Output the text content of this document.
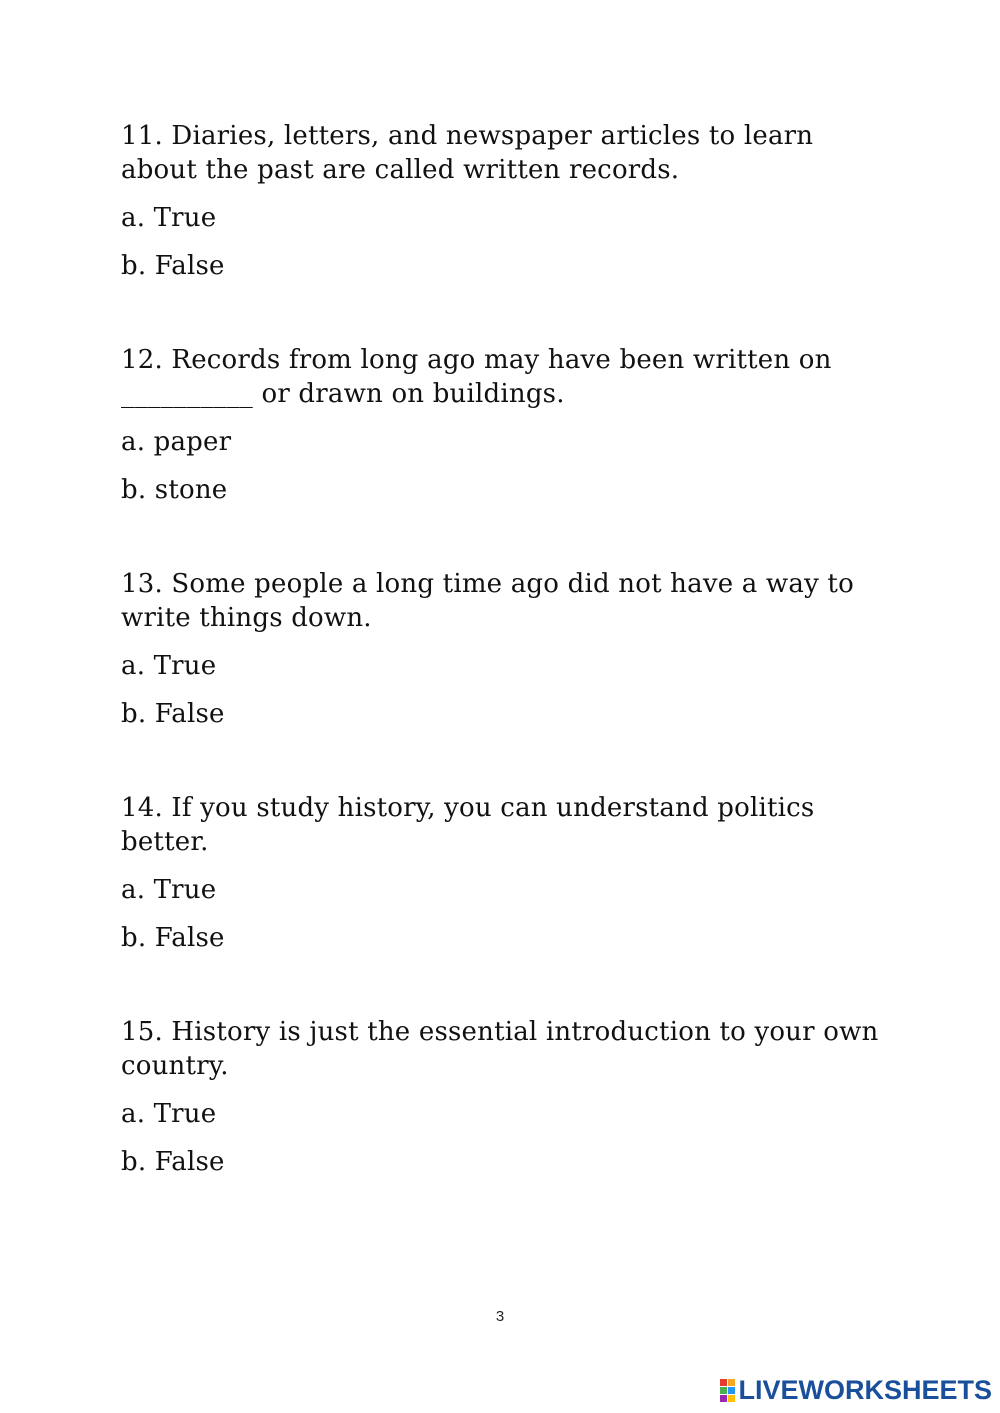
11. Diaries, letters, and newspaper articles to learn
about the past are called written records.

a. True

b. False

12. Records from long ago may have been written on
__________ or drawn on buildings.

a. paper

b. stone

13. Some people a long time ago did not have a way to
write things down.

a. True

b. False

14. If you study history, you can understand politics
better.

a. True

b. False

15. History is just the essential introduction to your own
country.

a. True

b. False

3
LIVEWORKSHEETS
